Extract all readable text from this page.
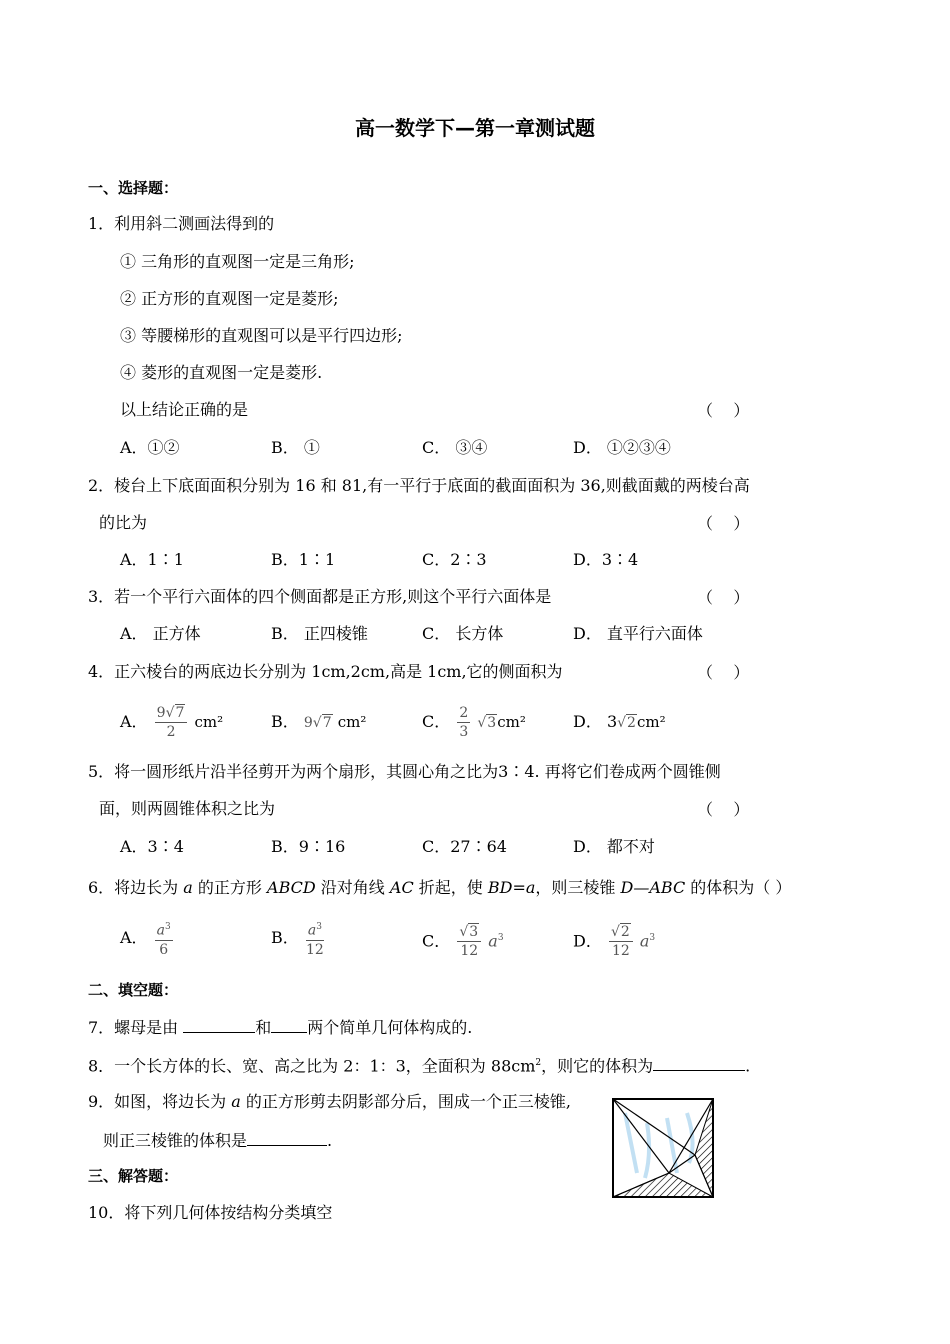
高一数学下—第一章测试题
一、选择题：
1．利用斜二测画法得到的
① 三角形的直观图一定是三角形;
② 正方形的直观图一定是菱形;
③ 等腰梯形的直观图可以是平行四边形;
④ 菱形的直观图一定是菱形.
以上结论正确的是	（    ）
A．①②	B． ①	C． ③④	D． ①②③④
2．棱台上下底面面积分别为 16 和 81,有一平行于底面的截面面积为 36,则截面戴的两棱台高
的比为	（    ）
A．1∶1	B．1∶1	C．2∶3	D．3∶4
3．若一个平行六面体的四个侧面都是正方形,则这个平行六面体是	（    ）
A． 正方体	B． 正四棱锥	C． 长方体	D． 直平行六面体
4．正六棱台的两底边长分别为 1cm,2cm,高是 1cm,它的侧面积为	（    ）
A． $\frac{9√7}{2} cm^2$	B． 9√7 cm²	C． $\frac{2}{3} √3cm^2$	D． 3√2cm²
5．将一圆形纸片沿半径剪开为两个扇形，其圆心角之比为3∶4. 再将它们卷成两个圆锥侧
面，则两圆锥体积之比为	（    ）
A．3∶4	B．9∶16	C．27∶64	D． 都不对
6．将边长为 a 的正方形 ABCD 沿对角线 AC 折起，使 BD=a，则三棱锥 D—ABC 的体积为（ ）
A． $\frac{a^3}{6}$	B． $\frac{a^3}{12}$	C． $\frac{√3}{12} a^3$	D． $\frac{√2}{12} a^3$
二、填空题：
7．螺母是由	和 两个简单几何体构成的.
8．一个长方体的长、宽、高之比为 2：1：3，全面积为 $88cm^2$，则它的体积为	.
9．如图，将边长为 a 的正方形剪去阴影部分后，围成一个正三棱锥,
则正三棱锥的体积是	.
三、解答题：
10．将下列几何体按结构分类填空
